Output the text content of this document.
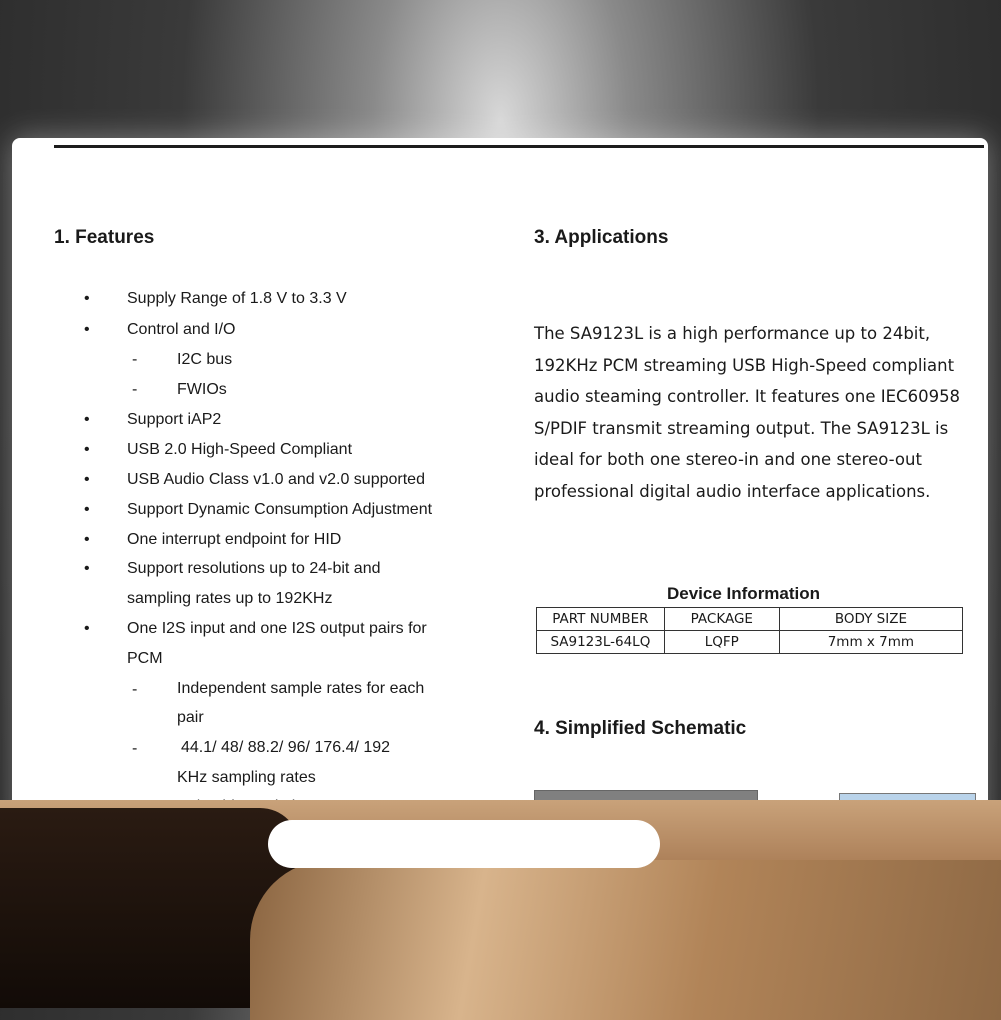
1. Features
• Supply Range of 1.8 V to 3.3 V
• Control and I/O
- I2C bus
- FWIOs
• Support iAP2
• USB 2.0 High-Speed Compliant
• USB Audio Class v1.0 and v2.0 supported
• Support Dynamic Consumption Adjustment
• One interrupt endpoint for HID
• Support resolutions up to 24-bit and
sampling rates up to 192KHz
• One I2S input and one I2S output pairs for
PCM
- Independent sample rates for each
pair
-	44.1/ 48/ 88.2/ 96/ 176.4/ 192
KHz sampling rates
3. Applications
The SA9123L is a high performance up to 24bit,
192KHz PCM streaming USB High-Speed compliant
audio steaming controller. It features one IEC60958
S/PDIF transmit streaming output. The SA9123L is
ideal for both one stereo-in and one stereo-out
professional digital audio interface applications.
Device Information
PART NUMBER	PACKAGE	BODY SIZE
SA9123L-64LQ	LQFP	7mm x 7mm
4. Simplified Schematic
